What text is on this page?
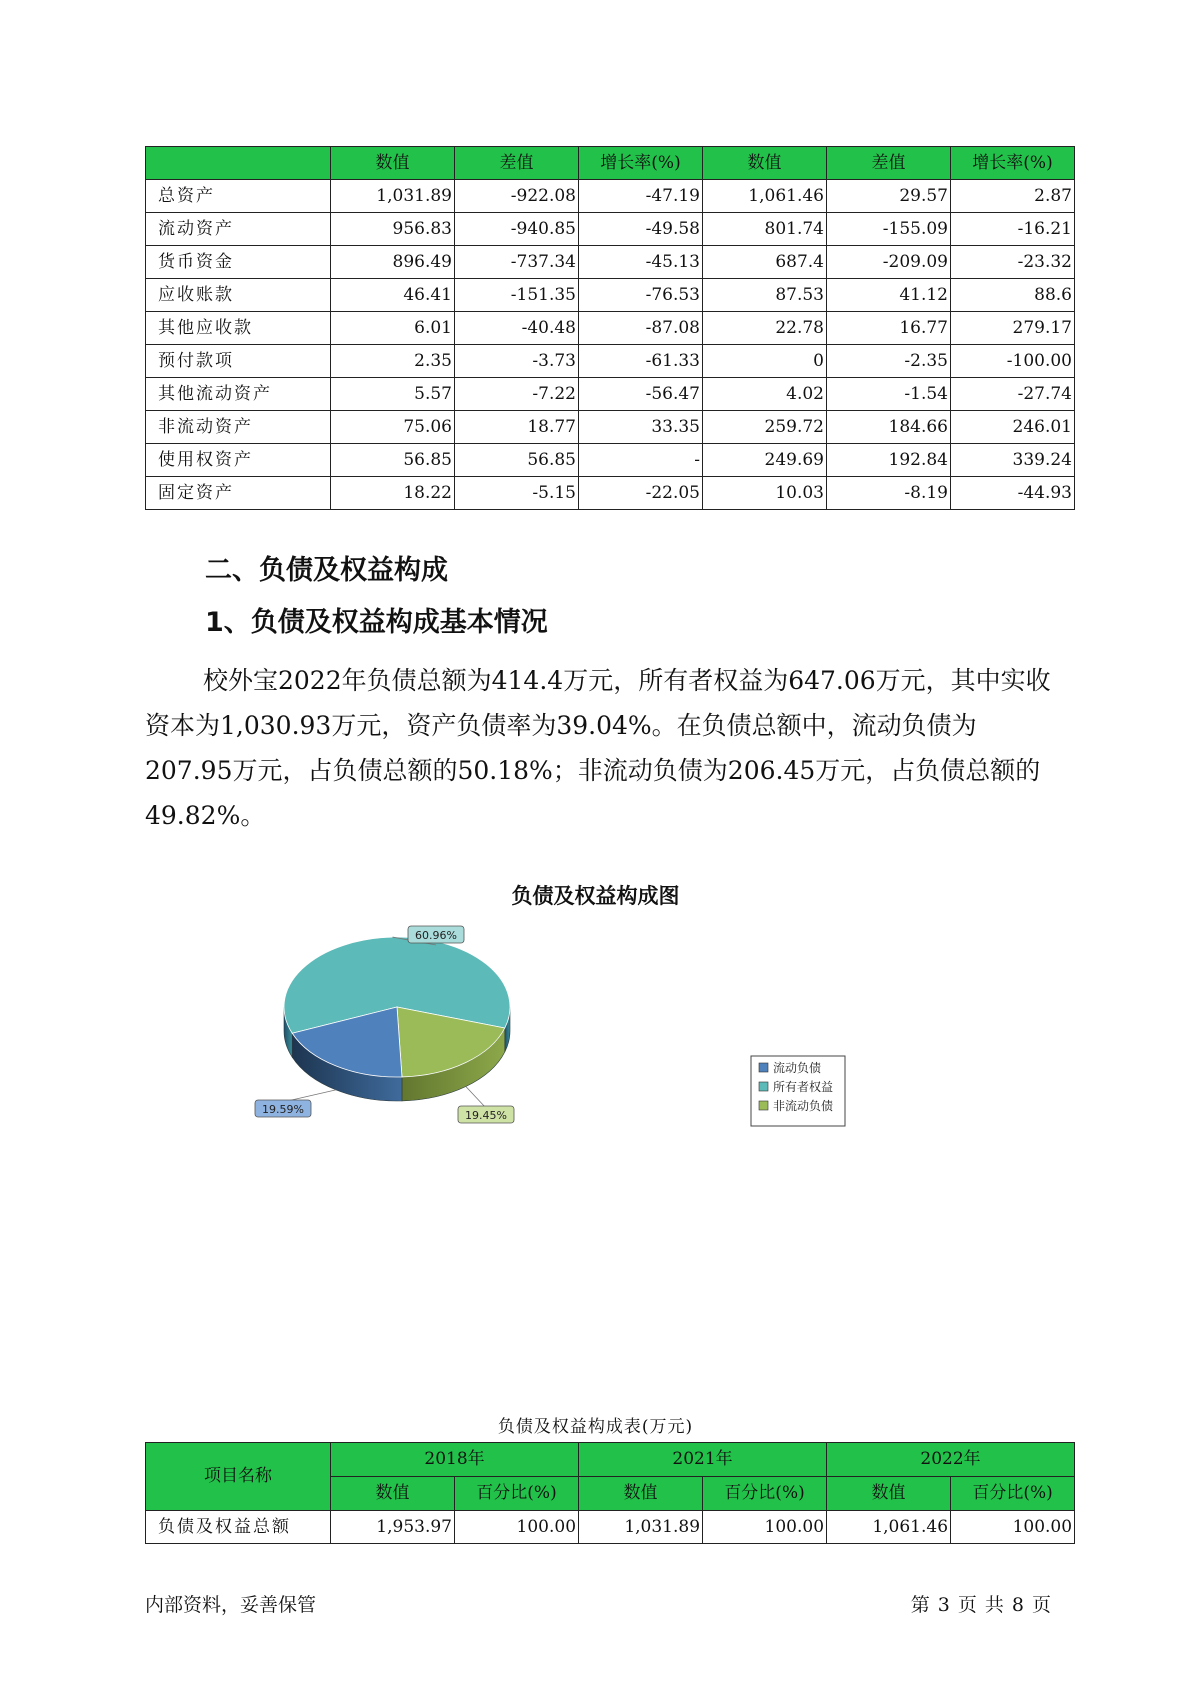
	数值	差值	增长率(%)	数值	差值	增长率(%)
总资产	1,031.89	-922.08	-47.19	1,061.46	29.57	2.87
流动资产	956.83	-940.85	-49.58	801.74	-155.09	-16.21
货币资金	896.49	-737.34	-45.13	687.4	-209.09	-23.32
应收账款	46.41	-151.35	-76.53	87.53	41.12	88.6
其他应收款	6.01	-40.48	-87.08	22.78	16.77	279.17
预付款项	2.35	-3.73	-61.33	0	-2.35	-100.00
其他流动资产	5.57	-7.22	-56.47	4.02	-1.54	-27.74
非流动资产	75.06	18.77	33.35	259.72	184.66	246.01
使用权资产	56.85	56.85	-	249.69	192.84	339.24
固定资产	18.22	-5.15	-22.05	10.03	-8.19	-44.93
二、负债及权益构成
1、负债及权益构成基本情况

校外宝2022年负债总额为414.4万元，所有者权益为647.06万元，其中实收资本为1,030.93万元，资产负债率为39.04%。在负债总额中，流动负债为207.95万元，占负债总额的50.18%；非流动负债为206.45万元，占负债总额的49.82%。

负债及权益构成图
60.96%
19.45%
19.59%
流动负债
所有者权益
非流动负债

负债及权益构成表(万元)

项目名称	2018年		2021年		2022年	
	数值	百分比(%)	数值	百分比(%)	数值	百分比(%)
负债及权益总额	1,953.97	100.00	1,031.89	100.00	1,061.46	100.00
内部资料，妥善保管	第 3 页 共 8 页
